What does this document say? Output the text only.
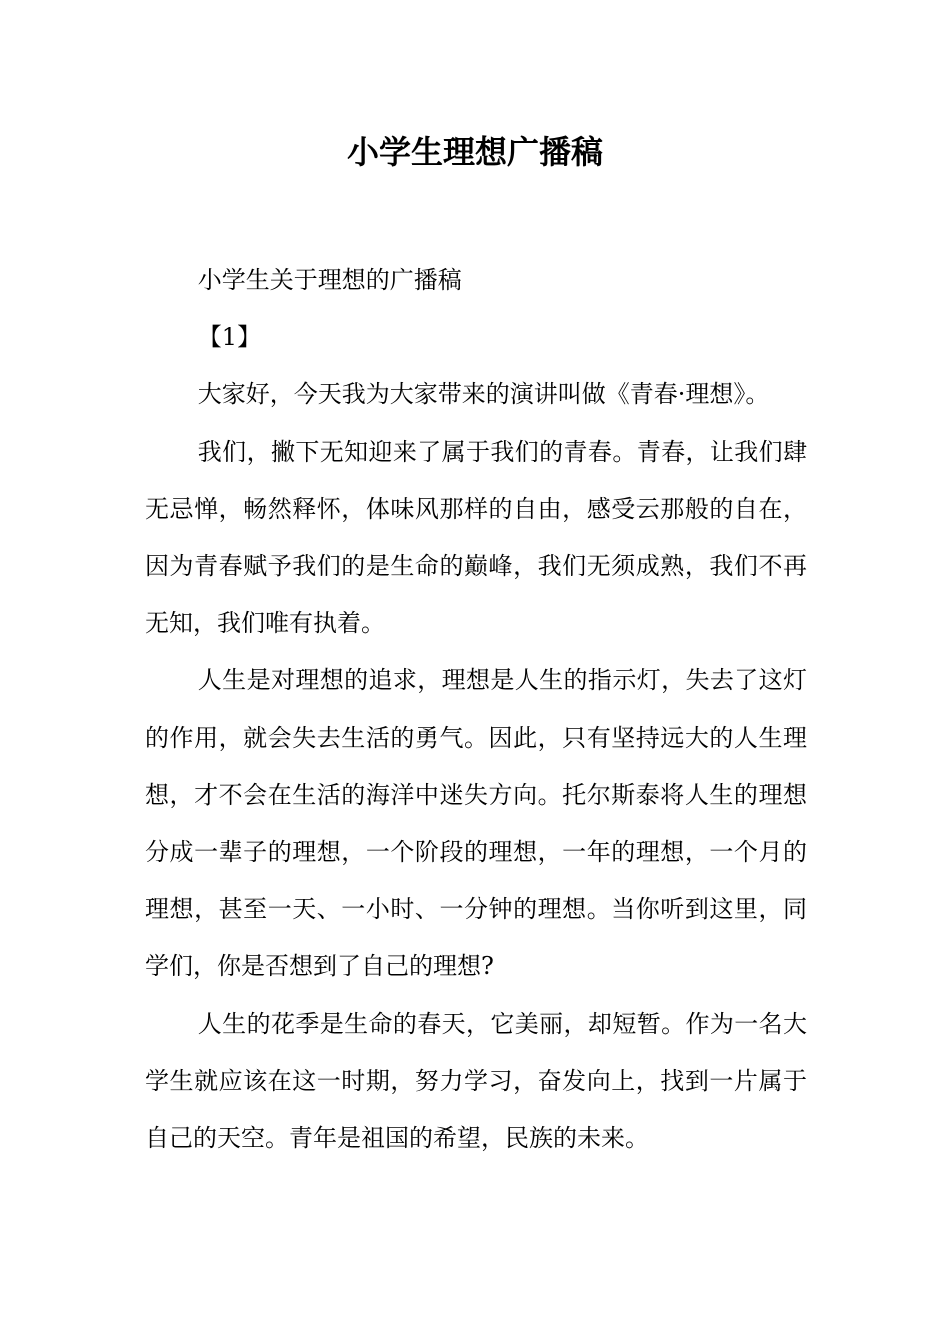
小学生理想广播稿

小学生关于理想的广播稿

【1】

大家好，今天我为大家带来的演讲叫做《青春·理想》。

我们，撇下无知迎来了属于我们的青春。青春，让我们肆无忌惮，畅然释怀，体味风那样的自由，感受云那般的自在，因为青春赋予我们的是生命的巅峰，我们无须成熟，我们不再无知，我们唯有执着。

人生是对理想的追求，理想是人生的指示灯，失去了这灯的作用，就会失去生活的勇气。因此，只有坚持远大的人生理想，才不会在生活的海洋中迷失方向。托尔斯泰将人生的理想分成一辈子的理想，一个阶段的理想，一年的理想，一个月的理想，甚至一天、一小时、一分钟的理想。当你听到这里，同学们，你是否想到了自己的理想?

人生的花季是生命的春天，它美丽，却短暂。作为一名大学生就应该在这一时期，努力学习，奋发向上，找到一片属于自己的天空。青年是祖国的希望，民族的未来。
